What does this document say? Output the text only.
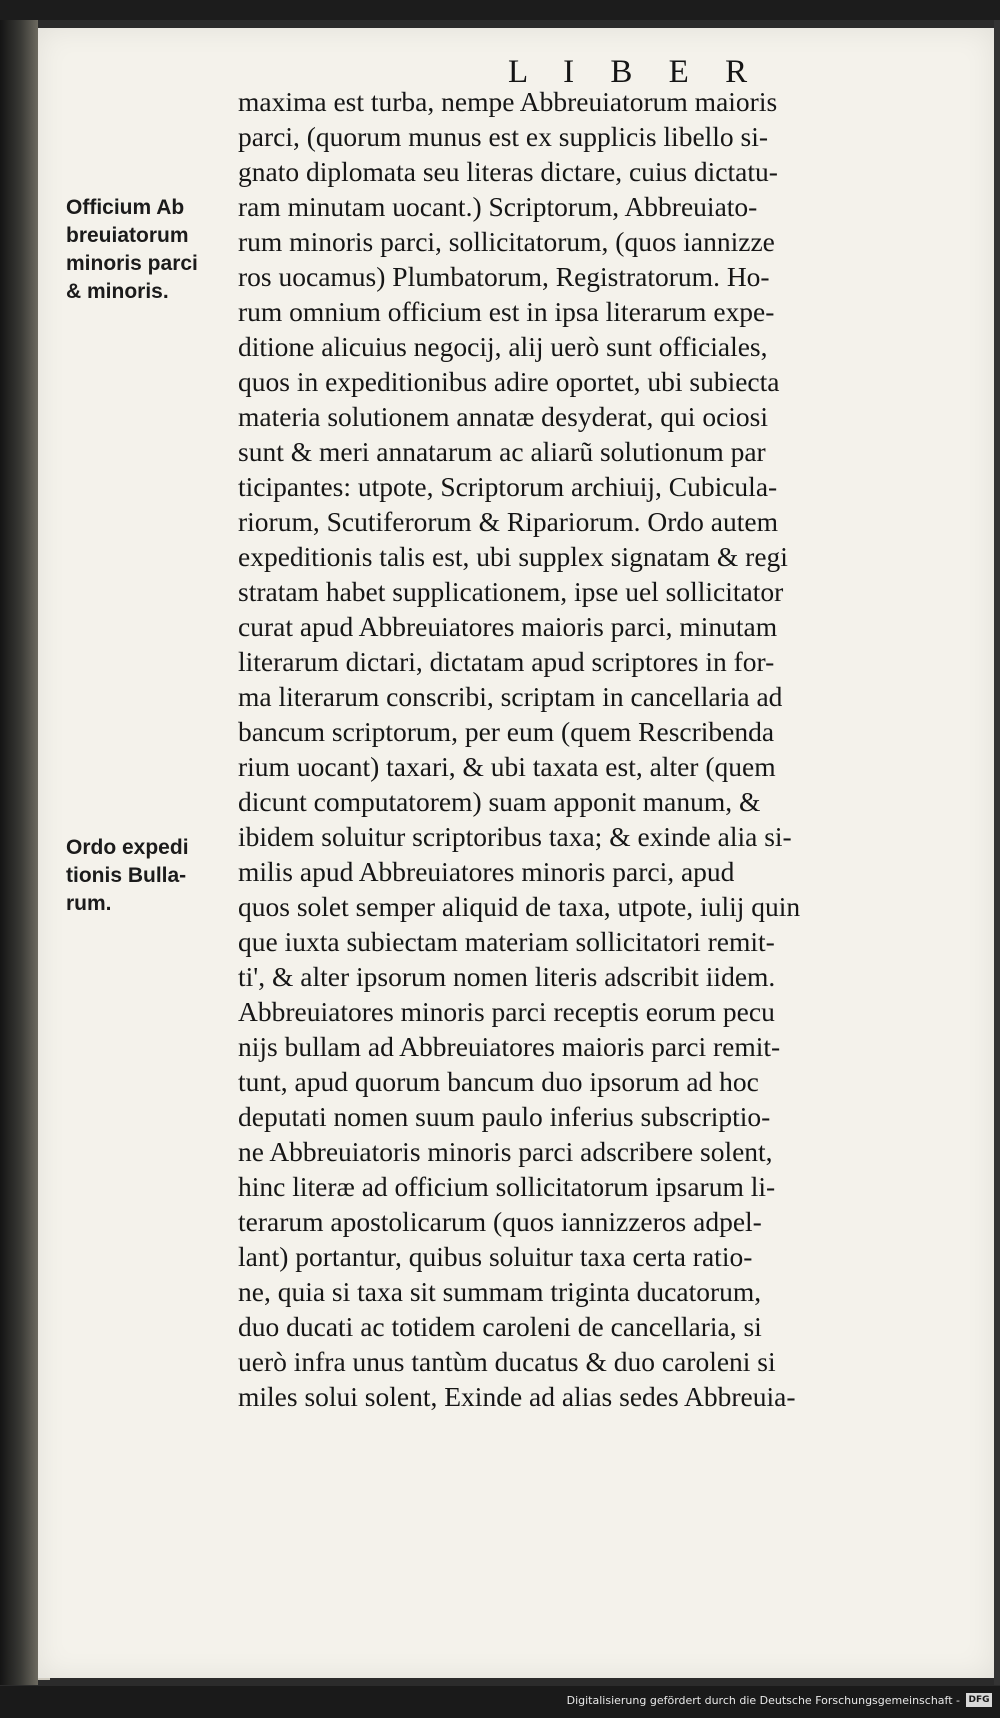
L I B E R
Officium Ab
breuiatorum
minoris parci
& minoris.
Ordo expedi
tionis Bulla-
rum.
maxima est turba, nempe Abbreuiatorum maioris
parci, (quorum munus est ex supplicis libello si-
gnato diplomata seu literas dictare, cuius dictatu-
ram minutam uocant.) Scriptorum, Abbreuiato-
rum minoris parci, sollicitatorum, (quos iannizze
ros uocamus) Plumbatorum, Registratorum. Ho-
rum omnium officium est in ipsa literarum expe-
ditione alicuius negocij, alij uerò sunt officiales,
quos in expeditionibus adire oportet, ubi subiecta
materia solutionem annatæ desyderat, qui ociosi
sunt & meri annatarum ac aliarũ solutionum par
ticipantes: utpote, Scriptorum archiuij, Cubicula-
riorum, Scutiferorum & Ripariorum. Ordo autem
expeditionis talis est, ubi supplex signatam & regi
stratam habet supplicationem, ipse uel sollicitator
curat apud Abbreuiatores maioris parci, minutam
literarum dictari, dictatam apud scriptores in for-
ma literarum conscribi, scriptam in cancellaria ad
bancum scriptorum, per eum (quem Rescribenda
rium uocant) taxari, & ubi taxata est, alter (quem
dicunt computatorem) suam apponit manum, &
ibidem soluitur scriptoribus taxa; & exinde alia si-
milis apud Abbreuiatores minoris parci, apud
quos solet semper aliquid de taxa, utpote, iulij quin
que iuxta subiectam materiam sollicitatori remit-
ti', & alter ipsorum nomen literis adscribit iidem.
Abbreuiatores minoris parci receptis eorum pecu
nijs bullam ad Abbreuiatores maioris parci remit-
tunt, apud quorum bancum duo ipsorum ad hoc
deputati nomen suum paulo inferius subscriptio-
ne Abbreuiatoris minoris parci adscribere solent,
hinc literæ ad officium sollicitatorum ipsarum li-
terarum apostolicarum (quos iannizzeros adpel-
lant) portantur, quibus soluitur taxa certa ratio-
ne, quia si taxa sit summam triginta ducatorum,
duo ducati ac totidem caroleni de cancellaria, si
uerò infra unus tantùm ducatus & duo caroleni si
miles solui solent, Exinde ad alias sedes Abbreuia-
Digitalisierung gefördert durch die Deutsche Forschungsgemeinschaft - DFG
